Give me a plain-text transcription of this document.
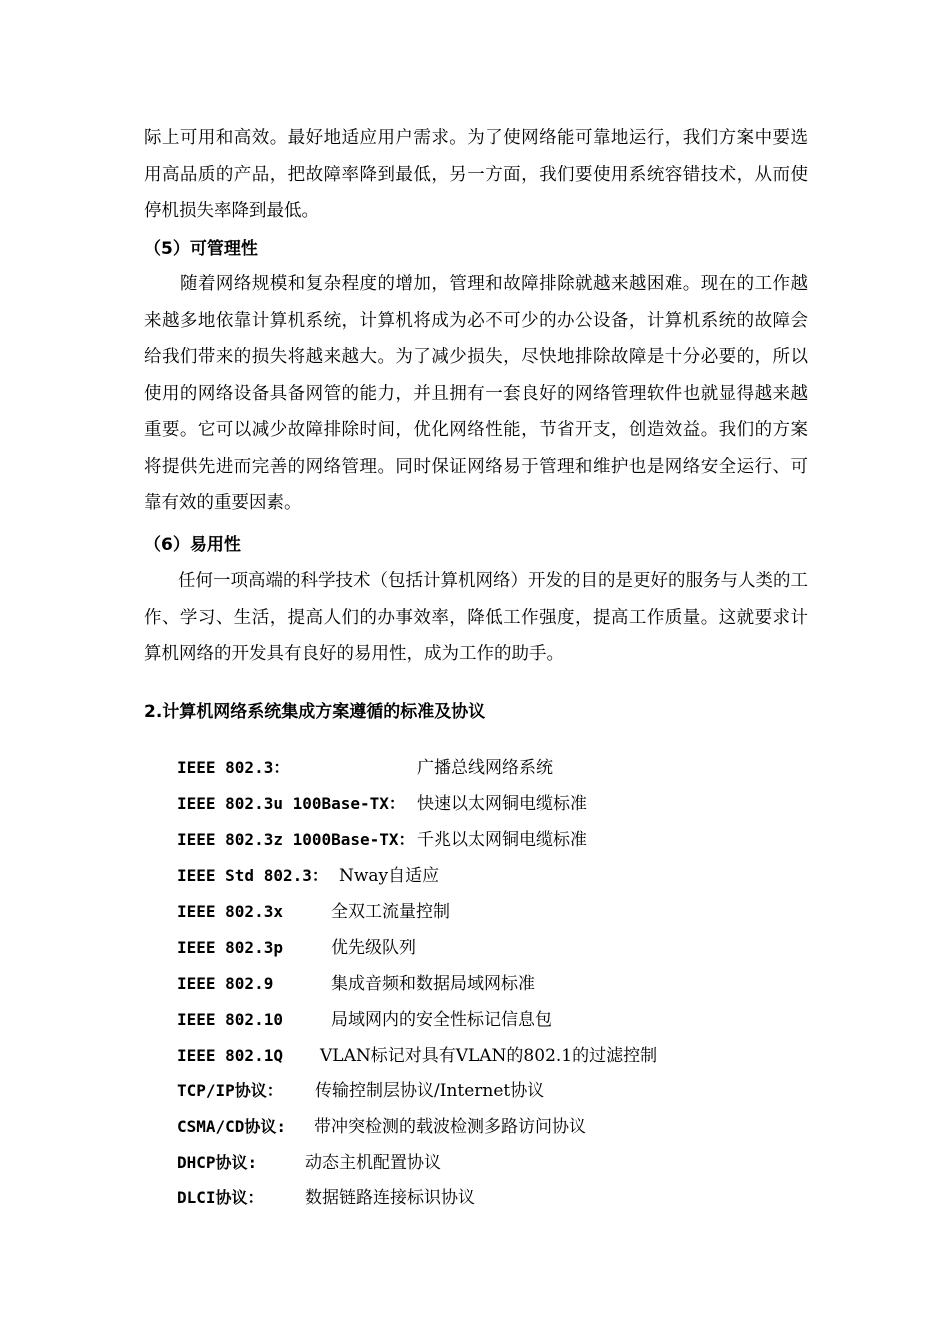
际上可用和高效。最好地适应用户需求。为了使网络能可靠地运行，我们方案中要选用高品质的产品，把故障率降到最低，另一方面，我们要使用系统容错技术，从而使停机损失率降到最低。

（5）可管理性

随着网络规模和复杂程度的增加，管理和故障排除就越来越困难。现在的工作越来越多地依靠计算机系统，计算机将成为必不可少的办公设备，计算机系统的故障会给我们带来的损失将越来越大。为了减少损失，尽快地排除故障是十分必要的，所以使用的网络设备具备网管的能力，并且拥有一套良好的网络管理软件也就显得越来越重要。它可以减少故障排除时间，优化网络性能，节省开支，创造效益。我们的方案将提供先进而完善的网络管理。同时保证网络易于管理和维护也是网络安全运行、可靠有效的重要因素。

（6）易用性

任何一项高端的科学技术（包括计算机网络）开发的目的是更好的服务与人类的工作、学习、生活，提高人们的办事效率，降低工作强度，提高工作质量。这就要求计算机网络的开发具有良好的易用性，成为工作的助手。

2.计算机网络系统集成方案遵循的标准及协议
IEEE 802.3：	广播总线网络系统
IEEE 802.3u 100Base-TX： 快速以太网铜电缆标准
IEEE 802.3z 1000Base-TX： 千兆以太网铜电缆标准
IEEE Std 802.3： Nway自适应
IEEE 802.3x	全双工流量控制
IEEE 802.3p	优先级队列
IEEE 802.9	集成音频和数据局域网标准
IEEE 802.10	局域网内的安全性标记信息包
IEEE 802.1Q VLAN标记对具有VLAN的802.1的过滤控制
TCP/IP协议： 传输控制层协议/Internet协议
CSMA/CD协议: 带冲突检测的载波检测多路访问协议
DHCP协议:	动态主机配置协议
DLCI协议： 数据链路连接标识协议
